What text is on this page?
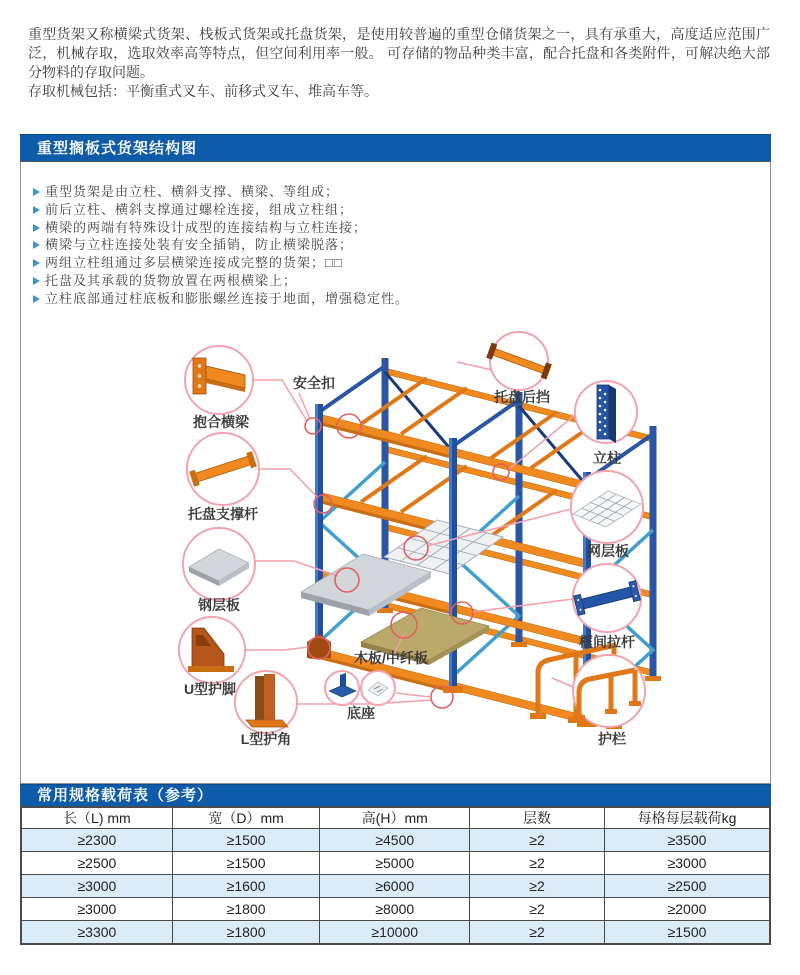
重型货架又称横梁式货架、栈板式货架或托盘货架，是使用较普遍的重型仓储货架之一，具有承重大，高度适应范围广泛，机械存取，选取效率高等特点，但空间利用率一般。 可存储的物品种类丰富，配合托盘和各类附件，可解决绝大部分物料的存取问题。

存取机械包括：平衡重式叉车、前移式叉车、堆高车等。

重型搁板式货架结构图
重型货架是由立柱、横斜支撑、横梁、等组成；
前后立柱、横斜支撑通过螺栓连接，组成立柱组；
横梁的两端有特殊设计成型的连接结构与立柱连接；
横梁与立柱连接处装有安全插销，防止横梁脱落；
两组立柱组通过多层横梁连接成完整的货架；□□
托盘及其承载的货物放置在两根横梁上；
立柱底部通过柱底板和膨胀螺丝连接于地面，增强稳定性。
抱合横梁
安全扣
托盘支撑杆
钢层板
U型护脚
L型护角
底座
木板/中纤板
托盘后挡
立柱
网层板
框间拉杆
护栏
常用规格载荷表（参考）
长（L) mm	宽（D）mm	高(H）mm	层数	每格每层载荷kg
≥2300	≥1500	≥4500	≥2	≥3500
≥2500	≥1500	≥5000	≥2	≥3000
≥3000	≥1600	≥6000	≥2	≥2500
≥3000	≥1800	≥8000	≥2	≥2000
≥3300	≥1800	≥10000	≥2	≥1500
